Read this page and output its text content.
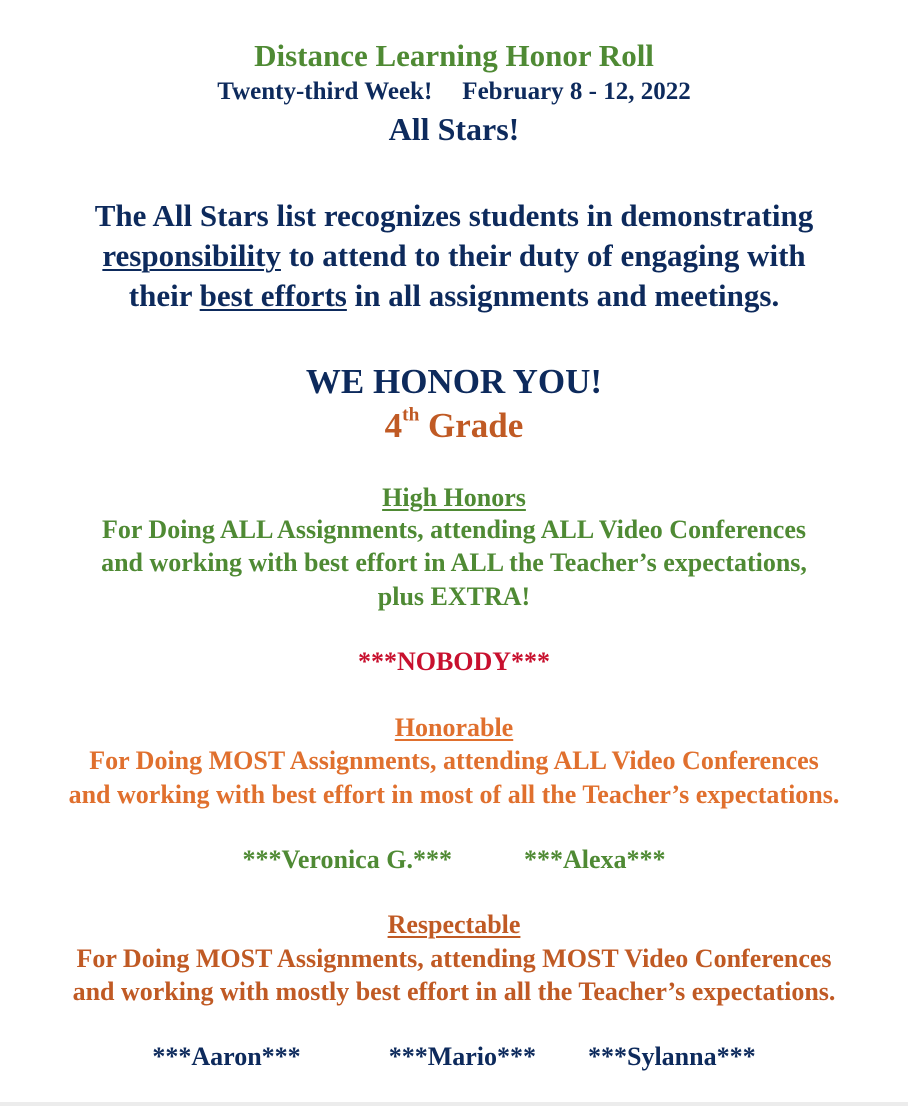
Distance Learning Honor Roll
Twenty-third Week! February 8 - 12, 2022
All Stars!
The All Stars list recognizes students in demonstrating
responsibility to attend to their duty of engaging with
their best efforts in all assignments and meetings.
WE HONOR YOU!
4th Grade
High Honors
For Doing ALL Assignments, attending ALL Video Conferences
and working with best effort in ALL the Teacher’s expectations,
plus EXTRA!
***NOBODY***
Honorable
For Doing MOST Assignments, attending ALL Video Conferences
and working with best effort in most of all the Teacher’s expectations.
***Veronica G.***	***Alexa***
Respectable
For Doing MOST Assignments, attending MOST Video Conferences
and working with mostly best effort in all the Teacher’s expectations.
***Aaron***	***Mario*** ***Sylanna***
